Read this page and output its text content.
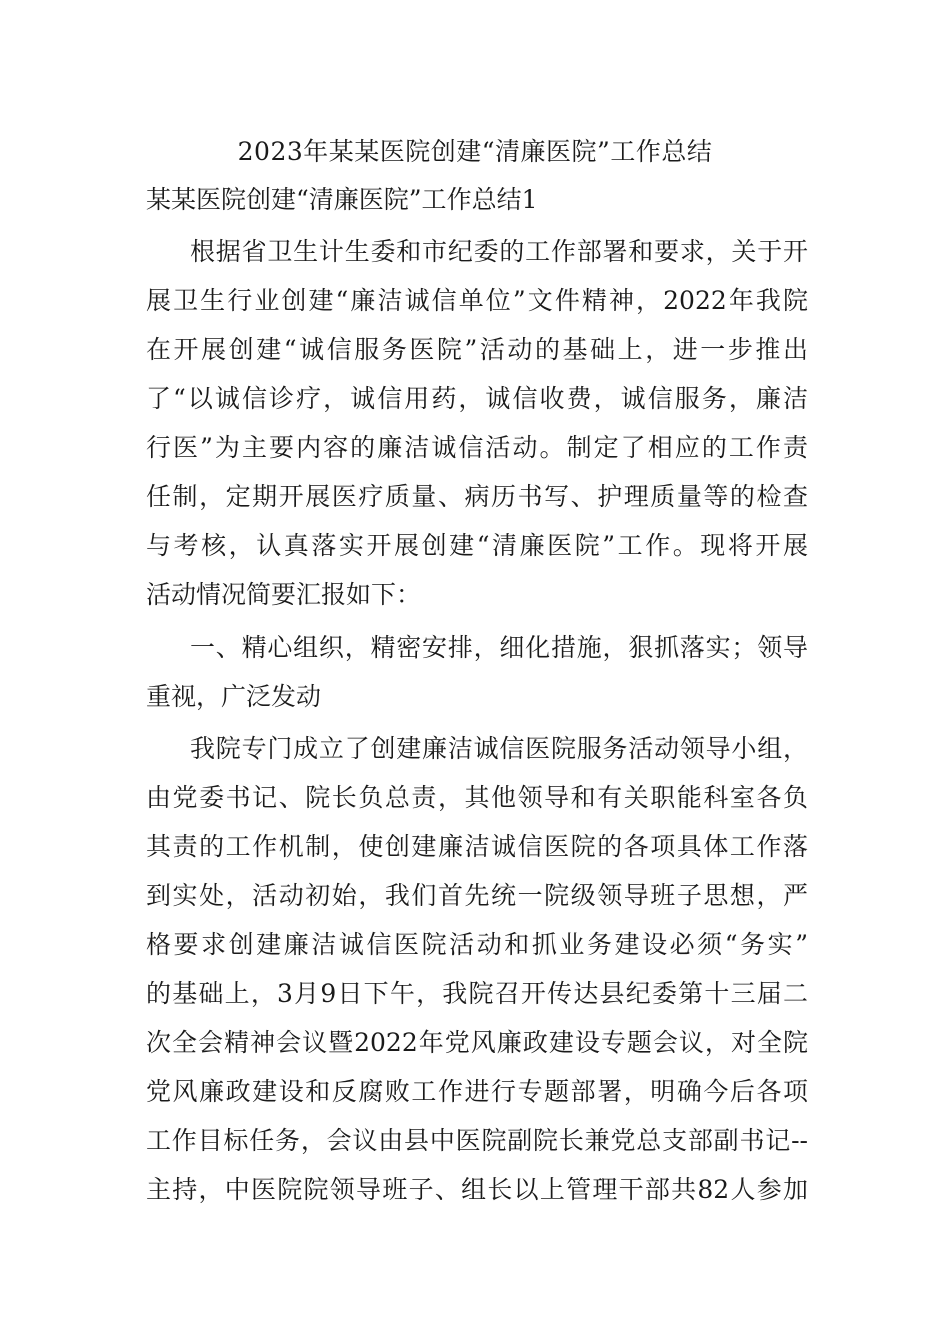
2023年某某医院创建“清廉医院”工作总结
某某医院创建“清廉医院”工作总结1
根据省卫生计生委和市纪委的工作部署和要求，关于开
展卫生行业创建“廉洁诚信单位”文件精神，2022年我院
在开展创建“诚信服务医院”活动的基础上，进一步推出
了“以诚信诊疗，诚信用药，诚信收费，诚信服务，廉洁
行医”为主要内容的廉洁诚信活动。制定了相应的工作责
任制，定期开展医疗质量、病历书写、护理质量等的检查
与考核，认真落实开展创建“清廉医院”工作。现将开展
活动情况简要汇报如下：
一、精心组织，精密安排，细化措施，狠抓落实；领导
重视，广泛发动
我院专门成立了创建廉洁诚信医院服务活动领导小组，
由党委书记、院长负总责，其他领导和有关职能科室各负
其责的工作机制，使创建廉洁诚信医院的各项具体工作落
到实处，活动初始，我们首先统一院级领导班子思想，严
格要求创建廉洁诚信医院活动和抓业务建设必须“务实”
的基础上，3月9日下午，我院召开传达县纪委第十三届二
次全会精神会议暨2022年党风廉政建设专题会议，对全院
党风廉政建设和反腐败工作进行专题部署，明确今后各项
工作目标任务，会议由县中医院副院长兼党总支部副书记--
主持，中医院院领导班子、组长以上管理干部共82人参加
